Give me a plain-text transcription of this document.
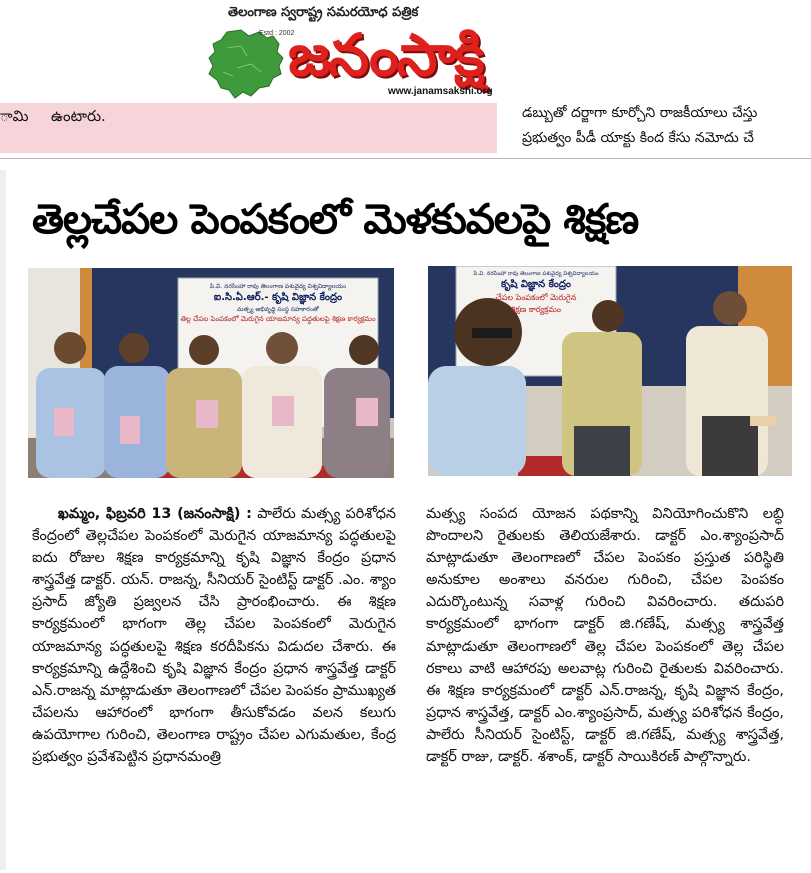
తెలంగాణ స్వరాష్ట్ర సమరయోధ పత్రిక
Estd : 2002
జనంసాక్షి
www.janamsakshi.org
ామి ఉంటారు.	డబ్బుతో దర్జాగా కూర్చోని రాజకీయాలు చేస్తు
ప్రభుత్వం పీడీ యాక్టు కింద కేసు నమోదు చే
తెల్లచేపల పెంపకంలో మెళకువలపై శిక్షణ
పి.వి. నరసింహా రావు తెలంగాణ పశువైద్య విశ్వవిద్యాలయం
ఐ.సి.ఏ.ఆర్.- కృషి విజ్ఞాన కేంద్రం
మత్స్య అభివృద్ధి సంస్థ సహకారంతో
తెల్ల చేపల పెంపకంలో మెరుగైన యాజమాన్య పద్ధతులపై శిక్షణ కార్యక్రమం
పి.వి. నరసింహా రావు తెలంగాణ పశువైద్య విశ్వవిద్యాలయం
కృషి విజ్ఞాన కేంద్రం
చేపల పెంపకంలో మెరుగైన
శిక్షణ కార్యక్రమం
ఖమ్మం, ఫిబ్రవరి 13 (జనంసాక్షి) : పాలేరు మత్స్య పరిశోధన కేంద్రంలో తెల్లచేపల పెంపకంలో మెరుగైన యాజమాన్య పద్ధతులపై ఐదు రోజుల శిక్షణ కార్యక్రమాన్ని కృషి విజ్ఞాన కేంద్రం ప్రధాన శాస్త్రవేత్త డాక్టర్. యన్. రాజన్న, సీనియర్ సైంటిస్ట్ డాక్టర్ .ఎం. శ్యాం ప్రసాద్ జ్యోతి ప్రజ్వలన చేసి ప్రారంభించారు. ఈ శిక్షణ కార్యక్రమంలో భాగంగా తెల్ల చేపల పెంపకంలో మెరుగైన యాజమాన్య పద్ధతులపై శిక్షణ కరదీపికను విడుదల చేశారు. ఈ కార్యక్రమాన్ని ఉద్దేశించి కృషి విజ్ఞాన కేంద్రం ప్రధాన శాస్త్రవేత్త డాక్టర్ ఎన్.రాజన్న మాట్లాడుతూ తెలంగాణలో చేపల పెంపకం ప్రాముఖ్యత చేపలను ఆహారంలో భాగంగా తీసుకోవడం వలన కలుగు ఉపయోగాల గురించి, తెలంగాణ రాష్ట్రం చేపల ఎగుమతుల, కేంద్ర ప్రభుత్వం ప్రవేశపెట్టిన ప్రధానమంత్రి
మత్స్య సంపద యోజన పథకాన్ని వినియోగించుకొని లబ్ధి పొందాలని రైతులకు తెలియజేశారు. డాక్టర్ ఎం.శ్యాంప్రసాద్ మాట్లాడుతూ తెలంగాణలో చేపల పెంపకం ప్రస్తుత పరిస్థితి అనుకూల అంశాలు వనరుల గురించి, చేపల పెంపకం ఎదుర్కొంటున్న సవాళ్ల గురించి వివరించారు. తదుపరి కార్యక్రమంలో భాగంగా డాక్టర్ జి.గణేష్, మత్స్య శాస్త్రవేత్త మాట్లాడుతూ తెలంగాణలో తెల్ల చేపల పెంపకంలో తెల్ల చేపల రకాలు వాటి ఆహారపు అలవాట్ల గురించి రైతులకు వివరించారు. ఈ శిక్షణ కార్యక్రమంలో డాక్టర్ ఎన్.రాజన్న, కృషి విజ్ఞాన కేంద్రం, ప్రధాన శాస్త్రవేత్త, డాక్టర్ ఎం.శ్యాంప్రసాద్, మత్స్య పరిశోధన కేంద్రం, పాలేరు సీనియర్ సైంటిస్ట్, డాక్టర్ జి.గణేష్, మత్స్య శాస్త్రవేత్త, డాక్టర్ రాజు, డాక్టర్. శశాంక్, డాక్టర్ సాయికిరణ్ పాల్గొన్నారు.
